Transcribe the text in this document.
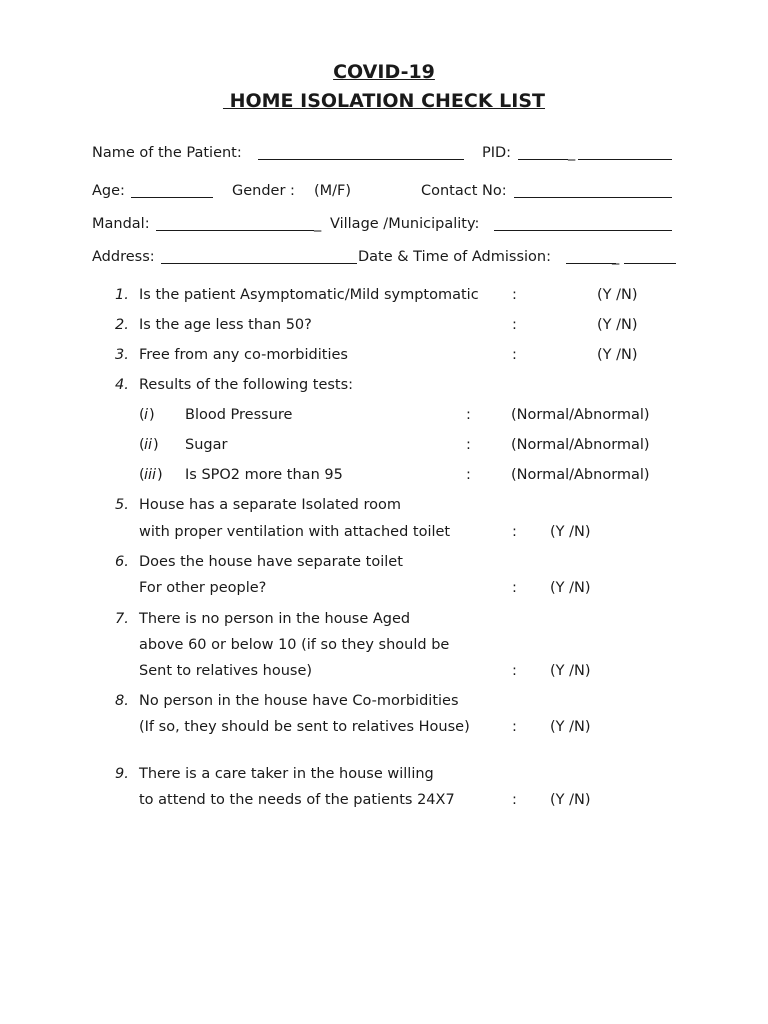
COVID-19
HOME ISOLATION CHECK LIST
Name of the Patient:	PID:	_
Age:	Gender : (M/F)	Contact No:
Mandal:	_ Village /Municipality:
Address:	Date & Time of Admission:	_
1. Is the patient Asymptomatic/Mild symptomatic :	(Y /N)
2. Is the age less than 50?	:	(Y /N)
3. Free from any co-morbidities	:	(Y /N)
4. Results of the following tests:
( i ) Blood Pressure	:	(Normal/Abnormal)
( ii ) Sugar	:	(Normal/Abnormal)
( iii ) Is SPO2 more than 95	:	(Normal/Abnormal)
5. House has a separate Isolated room
with proper ventilation with attached toilet	: (Y /N)
6. Does the house have separate toilet
For other people?	: (Y /N)
7. There is no person in the house Aged
above 60 or below 10 (if so they should be
Sent to relatives house)	: (Y /N)
8. No person in the house have Co-morbidities
(If so, they should be sent to relatives House)	: (Y /N)
9. There is a care taker in the house willing
to attend to the needs of the patients 24X7	: (Y /N)
